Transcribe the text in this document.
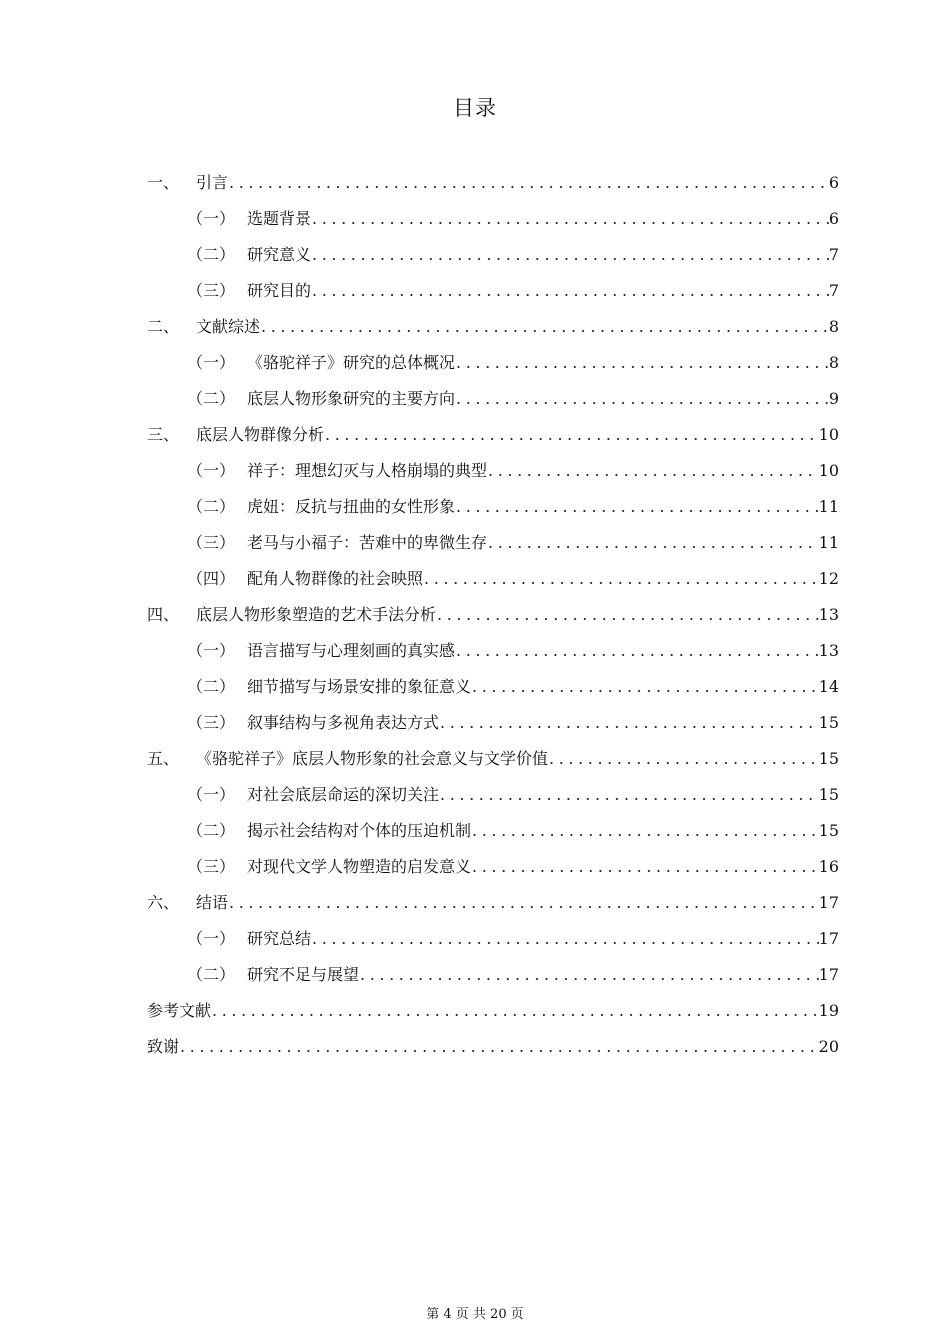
目录
一、	引言 .....	6
（一） 选题背景 .....	6
（二） 研究意义 .....	7
（三） 研究目的 .....	7
二、	文献综述 .....	8
（一） 《骆驼祥子》研究的总体概况 .....	8
（二） 底层人物形象研究的主要方向 .....	9
三、	底层人物群像分析 .....	10
（一） 祥子：理想幻灭与人格崩塌的典型 .....	10
（二） 虎妞：反抗与扭曲的女性形象 .....	11
（三） 老马与小福子：苦难中的卑微生存 .....	11
（四） 配角人物群像的社会映照 .....	12
四、	底层人物形象塑造的艺术手法分析 .....	13
（一） 语言描写与心理刻画的真实感 .....	13
（二） 细节描写与场景安排的象征意义 .....	14
（三） 叙事结构与多视角表达方式 .....	15
五、	《骆驼祥子》底层人物形象的社会意义与文学价值 .....	15
（一） 对社会底层命运的深切关注 .....	15
（二） 揭示社会结构对个体的压迫机制 .....	15
（三） 对现代文学人物塑造的启发意义 .....	16
六、	结语 .....	17
（一） 研究总结 .....	17
（二） 研究不足与展望 .....	17
参考文献 .....	19
致谢 .....	20
第 4 页 共 20 页
